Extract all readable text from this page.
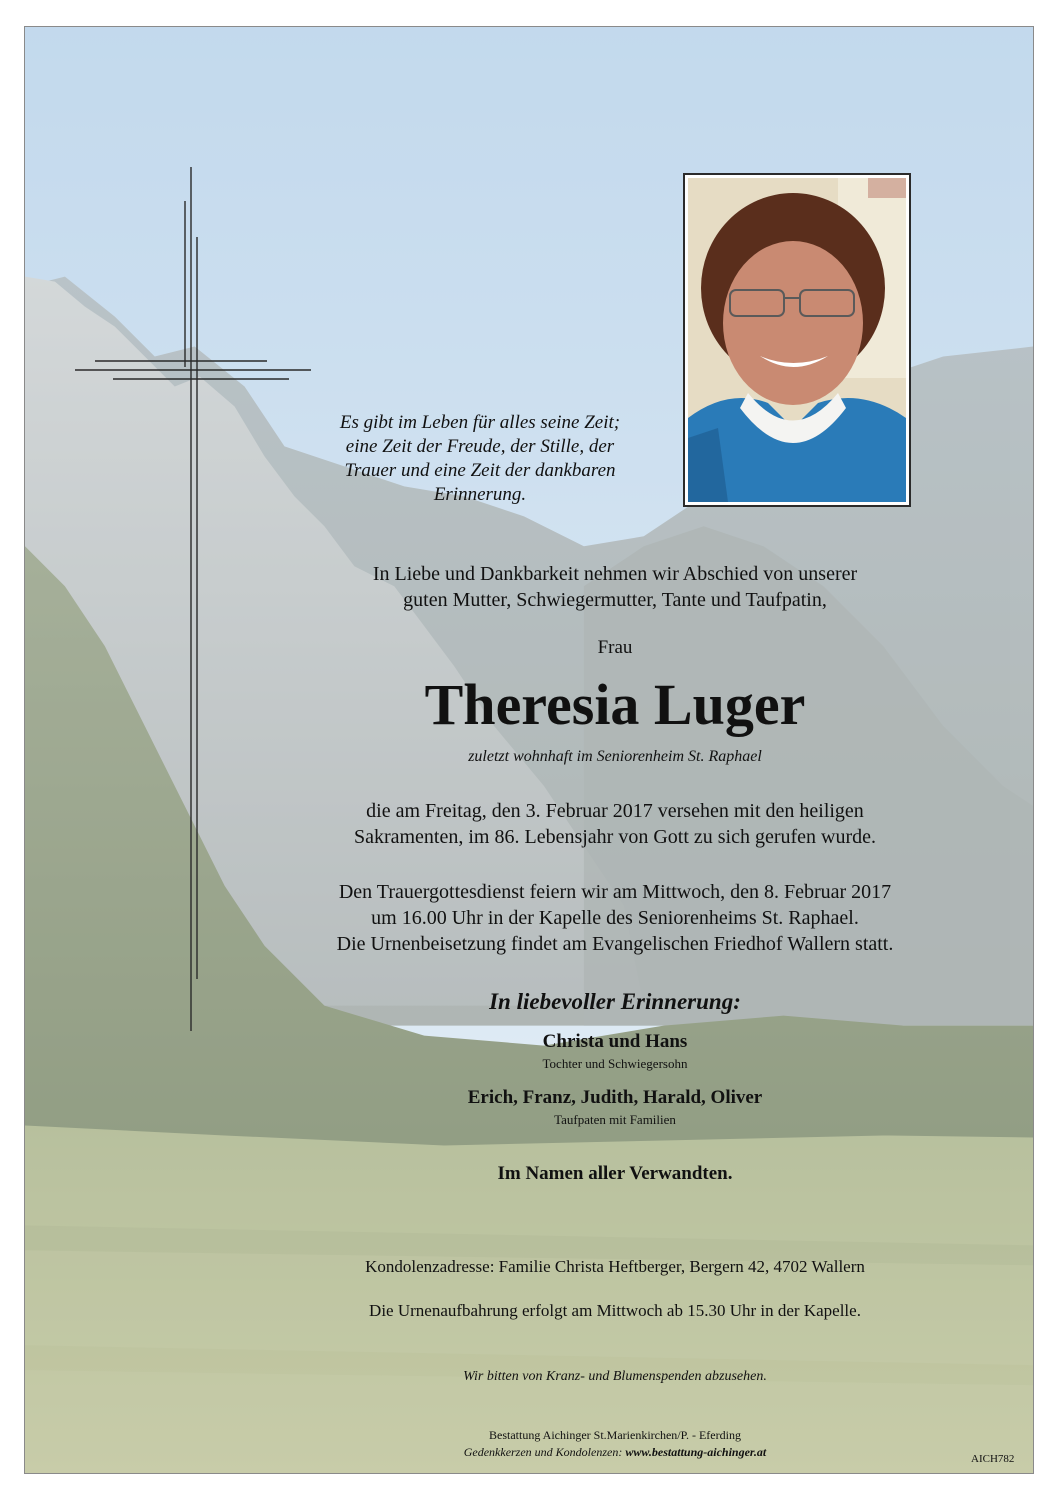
Es gibt im Leben für alles seine Zeit;
eine Zeit der Freude, der Stille, der
Trauer und eine Zeit der dankbaren
Erinnerung.
In Liebe und Dankbarkeit nehmen wir Abschied von unserer
guten Mutter, Schwiegermutter, Tante und Taufpatin,
Frau
Theresia Luger
zuletzt wohnhaft im Seniorenheim St. Raphael
die am Freitag, den 3. Februar 2017 versehen mit den heiligen
Sakramenten, im 86. Lebensjahr von Gott zu sich gerufen wurde.
Den Trauergottesdienst feiern wir am Mittwoch, den 8. Februar 2017
um 16.00 Uhr in der Kapelle des Seniorenheims St. Raphael.
Die Urnenbeisetzung findet am Evangelischen Friedhof Wallern statt.
In liebevoller Erinnerung:
Christa und Hans
Tochter und Schwiegersohn
Erich, Franz, Judith, Harald, Oliver
Taufpaten mit Familien
Im Namen aller Verwandten.
Kondolenzadresse: Familie Christa Heftberger, Bergern 42, 4702 Wallern
Die Urnenaufbahrung erfolgt am Mittwoch ab 15.30 Uhr in der Kapelle.
Wir bitten von Kranz- und Blumenspenden abzusehen.
Bestattung Aichinger St.Marienkirchen/P. - Eferding
Gedenkkerzen und Kondolenzen: www.bestattung-aichinger.at	AICH782
